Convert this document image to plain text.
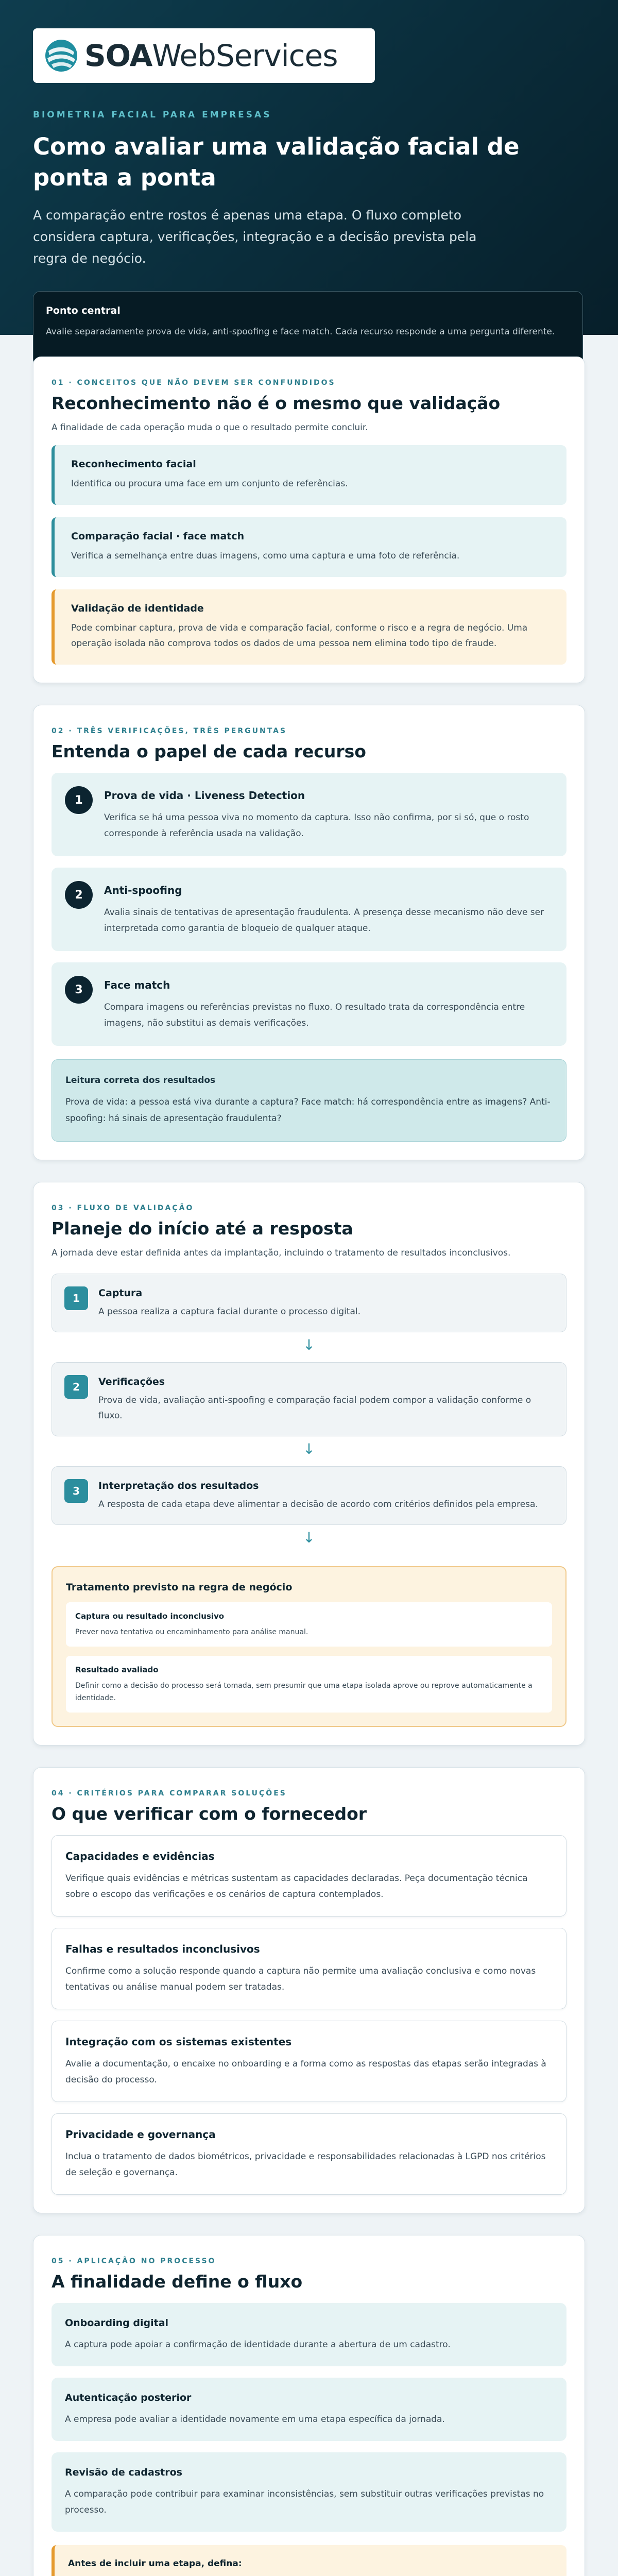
SOAWebServices
BIOMETRIA FACIAL PARA EMPRESAS
Como avaliar uma validação facial de ponta a ponta

A comparação entre rostos é apenas uma etapa. O fluxo completo considera captura, verificações, integração e a decisão prevista pela regra de negócio.

Ponto central
Avalie separadamente prova de vida, anti-spoofing e face match. Cada recurso responde a uma pergunta diferente.
01 · CONCEITOS QUE NÃO DEVEM SER CONFUNDIDOS
Reconhecimento não é o mesmo que validação

A finalidade de cada operação muda o que o resultado permite concluir.

Reconhecimento facial
Identifica ou procura uma face em um conjunto de referências.
Comparação facial · face match
Verifica a semelhança entre duas imagens, como uma captura e uma foto de referência.
Validação de identidade
Pode combinar captura, prova de vida e comparação facial, conforme o risco e a regra de negócio. Uma operação isolada não comprova todos os dados de uma pessoa nem elimina todo tipo de fraude.
02 · TRÊS VERIFICAÇÕES, TRÊS PERGUNTAS
Entenda o papel de cada recurso
1	Prova de vida · Liveness Detection
Verifica se há uma pessoa viva no momento da captura. Isso não confirma, por si só, que o rosto corresponde à referência usada na validação.
2	Anti-spoofing
Avalia sinais de tentativas de apresentação fraudulenta. A presença desse mecanismo não deve ser interpretada como garantia de bloqueio de qualquer ataque.
3	Face match
Compara imagens ou referências previstas no fluxo. O resultado trata da correspondência entre imagens, não substitui as demais verificações.
Leitura correta dos resultados
Prova de vida: a pessoa está viva durante a captura? Face match: há correspondência entre as imagens? Anti-spoofing: há sinais de apresentação fraudulenta?
03 · FLUXO DE VALIDAÇÃO
Planeje do início até a resposta

A jornada deve estar definida antes da implantação, incluindo o tratamento de resultados inconclusivos.

1	Captura
A pessoa realiza a captura facial durante o processo digital.
↓
2	Verificações
Prova de vida, avaliação anti-spoofing e comparação facial podem compor a validação conforme o fluxo.
↓
3	Interpretação dos resultados
A resposta de cada etapa deve alimentar a decisão de acordo com critérios definidos pela empresa.
↓
Tratamento previsto na regra de negócio
Captura ou resultado inconclusivo
Prever nova tentativa ou encaminhamento para análise manual.
Resultado avaliado
Definir como a decisão do processo será tomada, sem presumir que uma etapa isolada aprove ou reprove automaticamente a identidade.
04 · CRITÉRIOS PARA COMPARAR SOLUÇÕES
O que verificar com o fornecedor
Capacidades e evidências
Verifique quais evidências e métricas sustentam as capacidades declaradas. Peça documentação técnica sobre o escopo das verificações e os cenários de captura contemplados.
Falhas e resultados inconclusivos
Confirme como a solução responde quando a captura não permite uma avaliação conclusiva e como novas tentativas ou análise manual podem ser tratadas.
Integração com os sistemas existentes
Avalie a documentação, o encaixe no onboarding e a forma como as respostas das etapas serão integradas à decisão do processo.
Privacidade e governança
Inclua o tratamento de dados biométricos, privacidade e responsabilidades relacionadas à LGPD nos critérios de seleção e governança.
05 · APLICAÇÃO NO PROCESSO
A finalidade define o fluxo
Onboarding digital
A captura pode apoiar a confirmação de identidade durante a abertura de um cadastro.
Autenticação posterior
A empresa pode avaliar a identidade novamente em uma etapa específica da jornada.
Revisão de cadastros
A comparação pode contribuir para examinar inconsistências, sem substituir outras verificações previstas no processo.
Antes de incluir uma etapa, defina:
